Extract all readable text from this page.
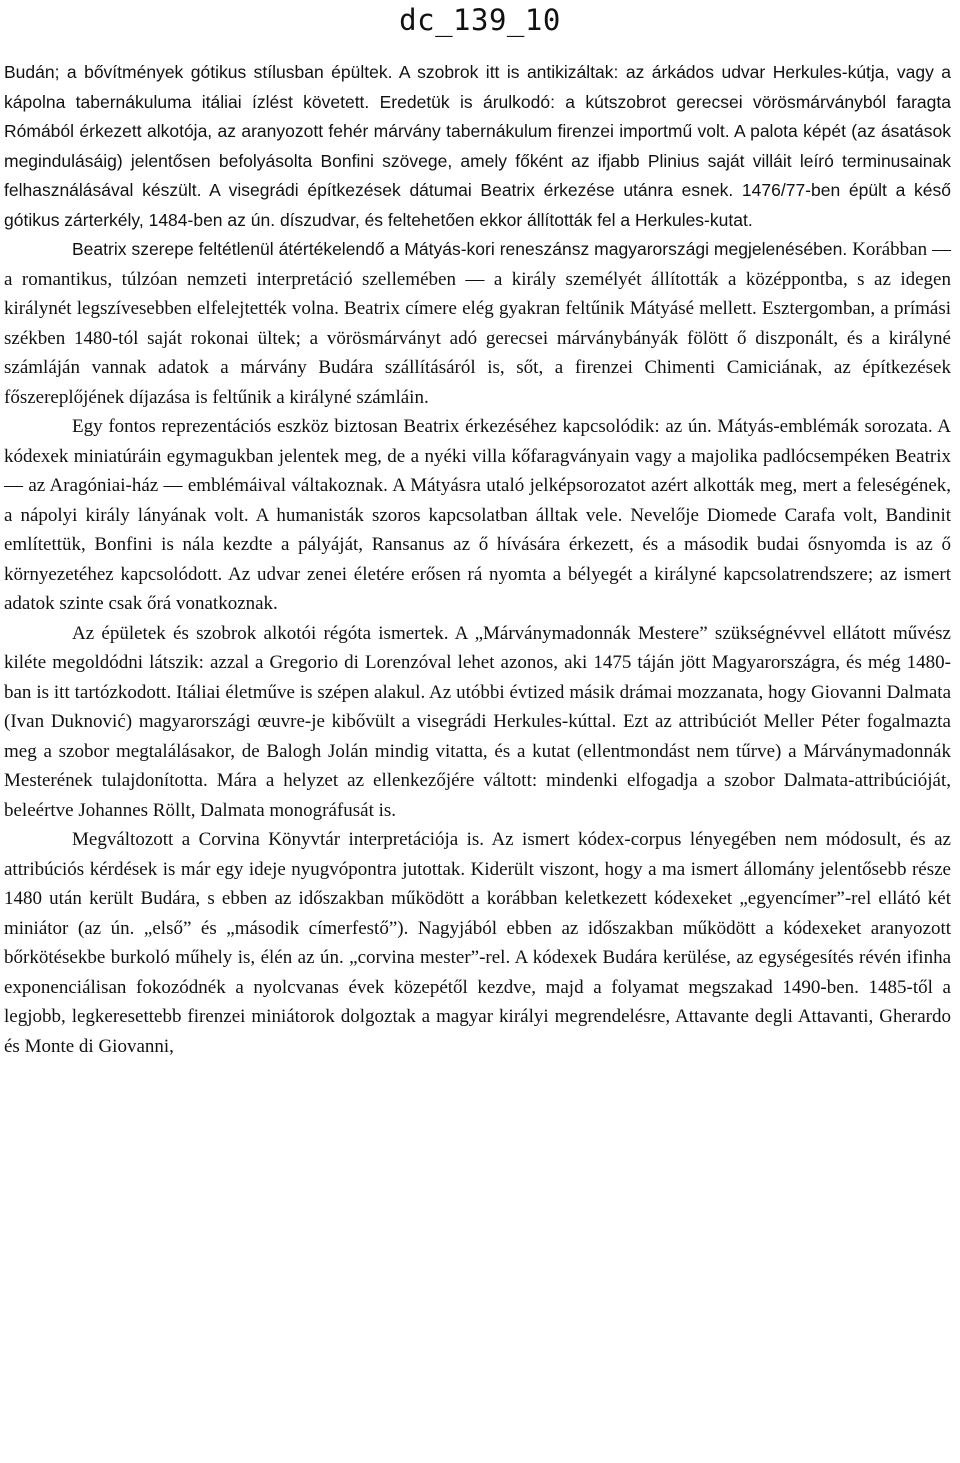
dc_139_10

Budán; a bővítmények gótikus stílusban épültek. A szobrok itt is antikizáltak: az árkádos udvar Herkules-kútja, vagy a kápolna tabernákuluma itáliai ízlést követett. Eredetük is árulkodó: a kútszobrot gerecsei vörösmárványból faragta Rómából érkezett alkotója, az aranyozott fehér márvány tabernákulum firenzei importmű volt. A palota képét (az ásatások megindulásáig) jelentősen befolyásolta Bonfini szövege, amely főként az ifjabb Plinius saját villáit leíró terminusainak felhasználásával készült. A visegrádi építkezések dátumai Beatrix érkezése utánra esnek. 1476/77-ben épült a késő gótikus zárterkély, 1484-ben az ún. díszudvar, és feltehetően ekkor állították fel a Herkules-kutat.

Beatrix szerepe feltétlenül átértékelendő a Mátyás-kori reneszánsz magyarországi megjelenésében. Korábban — a romantikus, túlzóan nemzeti interpretáció szellemében — a király személyét állították a középpontba, s az idegen királynét legszívesebben elfelejtették volna. Beatrix címere elég gyakran feltűnik Mátyásé mellett. Esztergomban, a prímási székben 1480-tól saját rokonai ültek; a vörösmárványt adó gerecsei márványbányák fölött ő diszponált, és a királyné számláján vannak adatok a márvány Budára szállításáról is, sőt, a firenzei Chimenti Camiciának, az építkezések főszereplőjének díjazása is feltűnik a királyné számláin.

Egy fontos reprezentációs eszköz biztosan Beatrix érkezéséhez kapcsolódik: az ún. Mátyás-emblémák sorozata. A kódexek miniatúráin egymagukban jelentek meg, de a nyéki villa kőfaragványain vagy a majolika padlócsempéken Beatrix — az Aragóniai-ház — emblémáival váltakoznak. A Mátyásra utaló jelképsorozatot azért alkották meg, mert a feleségének, a nápolyi király lányának volt. A humanisták szoros kapcsolatban álltak vele. Nevelője Diomede Carafa volt, Bandinit említettük, Bonfini is nála kezdte a pályáját, Ransanus az ő hívására érkezett, és a második budai ősnyomda is az ő környezetéhez kapcsolódott. Az udvar zenei életére erősen rá nyomta a bélyegét a királyné kapcsolatrendszere; az ismert adatok szinte csak őrá vonatkoznak.

Az épületek és szobrok alkotói régóta ismertek. A „Márványmadonnák Mestere” szükségnévvel ellátott művész kiléte megoldódni látszik: azzal a Gregorio di Lorenzóval lehet azonos, aki 1475 táján jött Magyarországra, és még 1480-ban is itt tartózkodott. Itáliai életműve is szépen alakul. Az utóbbi évtized másik drámai mozzanata, hogy Giovanni Dalmata (Ivan Duknović) magyarországi œuvre-je kibővült a visegrádi Herkules-kúttal. Ezt az attribúciót Meller Péter fogalmazta meg a szobor megtalálásakor, de Balogh Jolán mindig vitatta, és a kutat (ellentmondást nem tűrve) a Márványmadonnák Mesterének tulajdonította. Mára a helyzet az ellenkezőjére váltott: mindenki elfogadja a szobor Dalmata-attribúcióját, beleértve Johannes Röllt, Dalmata monográfusát is.

Megváltozott a Corvina Könyvtár interpretációja is. Az ismert kódex-corpus lényegében nem módosult, és az attribúciós kérdések is már egy ideje nyugvópontra jutottak. Kiderült viszont, hogy a ma ismert állomány jelentősebb része 1480 után került Budára, s ebben az időszakban működött a korábban keletkezett kódexeket „egyencímer”-rel ellátó két miniátor (az ún. „első” és „második címerfestő”). Nagyjából ebben az időszakban működött a kódexeket aranyozott bőrkötésekbe burkoló műhely is, élén az ún. „corvina mester”-rel. A kódexek Budára kerülése, az egységesítés révén ifinha exponenciálisan fokozódnék a nyolcvanas évek közepétől kezdve, majd a folyamat megszakad 1490-ben. 1485-től a legjobb, legkeresettebb firenzei miniátorok dolgoztak a magyar királyi megrendelésre, Attavante degli Attavanti, Gherardo és Monte di Giovanni,
